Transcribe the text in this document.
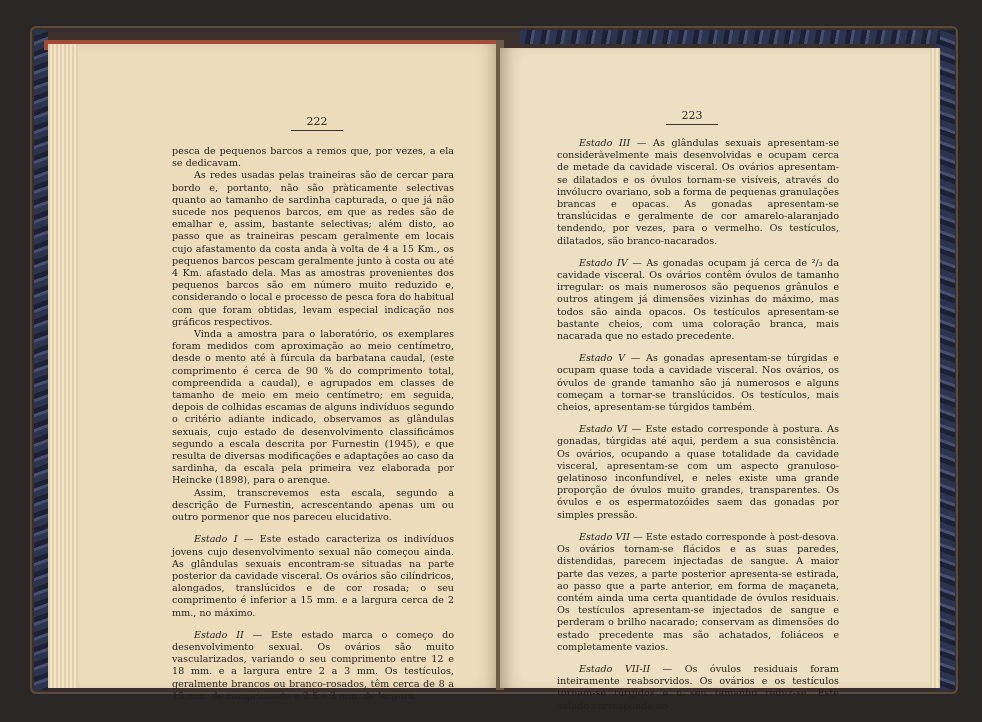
222	223

pesca de pequenos barcos a remos que, por vezes, a ela se dedicavam.

As redes usadas pelas traineiras são de cercar para bordo e, portanto, não são pràticamente selectivas quanto ao tamanho de sardinha capturada, o que já não sucede nos pequenos barcos, em que as redes são de emalhar e, assim, bastante selectivas; além disto, ao passo que as traineiras pescam geralmente em locais cujo afastamento da costa anda à volta de 4 a 15 Km., os pequenos barcos pescam geralmente junto à costa ou até 4 Km. afastado dela. Mas as amostras provenientes dos pequenos barcos são em número muito reduzido e, considerando o local e processo de pesca fora do habitual com que foram obtidas, levam especial indicação nos gráficos respectivos.

Vinda a amostra para o laboratório, os exemplares foram medidos com aproximação ao meio centímetro, desde o mento até à fúrcula da barbatana caudal, (este comprimento é cerca de 90 % do comprimento total, compreendida a caudal), e agrupados em classes de tamanho de meio em meio centímetro; em seguida, depois de colhidas escamas de alguns indivíduos segundo o critério adiante indicado, observamos as glândulas sexuais, cujo estado de desenvolvimento classificámos segundo a escala descrita por Furnestin (1945), e que resulta de diversas modificações e adaptações ao caso da sardinha, da escala pela primeira vez elaborada por Heincke (1898), para o arenque.

Assim, transcrevemos esta escala, segundo a descrição de Furnestin, acrescentando apenas um ou outro pormenor que nos pareceu elucidativo.

Estado I — Este estado caracteriza os indivíduos jovens cujo desenvolvimento sexual não começou ainda. As glândulas sexuais encontram-se situadas na parte posterior da cavidade visceral. Os ovários são cilíndricos, alongados, translúcidos e de cor rosada; o seu comprimento é inferior a 15 mm. e a largura cerca de 2 mm., no máximo.

Estado II — Este estado marca o começo do desenvolvimento sexual. Os ovários são muito vascularizados, variando o seu comprimento entre 12 e 18 mm. e a largura entre 2 a 3 mm. Os testículos, geralmente brancos ou branco-rosados, têm cerca de 8 a 15 mm. de comprimento e 2,5 a 3 mm. de largura.

Estado III — As glândulas sexuais apresentam-se consideràvelmente mais desenvolvidas e ocupam cerca de metade da cavidade visceral. Os ovários apresentam-se dilatados e os óvulos tornam-se visíveis, através do invólucro ovariano, sob a forma de pequenas granulações brancas e opacas. As gonadas apresentam-se translúcidas e geralmente de cor amarelo-alaranjado tendendo, por vezes, para o vermelho. Os testículos, dilatados, são branco-nacarados.

Estado IV — As gonadas ocupam já cerca de ²/₃ da cavidade visceral. Os ovários contêm óvulos de tamanho irregular: os mais numerosos são pequenos grânulos e outros atingem já dimensões vizinhas do máximo, mas todos são ainda opacos. Os testículos apresentam-se bastante cheios, com uma coloração branca, mais nacarada que no estado precedente.

Estado V — As gonadas apresentam-se túrgidas e ocupam quase toda a cavidade visceral. Nos ovários, os óvulos de grande tamanho são já numerosos e alguns começam a tornar-se translúcidos. Os testículos, mais cheios, apresentam-se túrgidos também.

Estado VI — Este estado corresponde à postura. As gonadas, túrgidas até aqui, perdem a sua consistência. Os ovários, ocupando a quase totalidade da cavidade visceral, apresentam-se com um aspecto granuloso-gelatinoso inconfundível, e neles existe uma grande proporção de óvulos muito grandes, transparentes. Os óvulos e os espermatozóides saem das gonadas por simples pressão.

Estado VII — Este estado corresponde à post-desova. Os ovários tornam-se flácidos e as suas paredes, distendidas, parecem injectadas de sangue. A maior parte das vezes, a parte posterior apresenta-se estirada, ao passo que a parte anterior, em forma de maçaneta, contém ainda uma certa quantidade de óvulos residuais. Os testículos apresentam-se injectados de sangue e perderam o brilho nacarado; conservam as dimensões do estado precedente mas são achatados, foliáceos e completamente vazios.

Estado VII-II — Os óvulos residuais foram inteiramente reabsorvidos. Os ovários e os testículos tornam-se túrgidos e o seu tamanho reduz-se. Este estado corresponde ao
